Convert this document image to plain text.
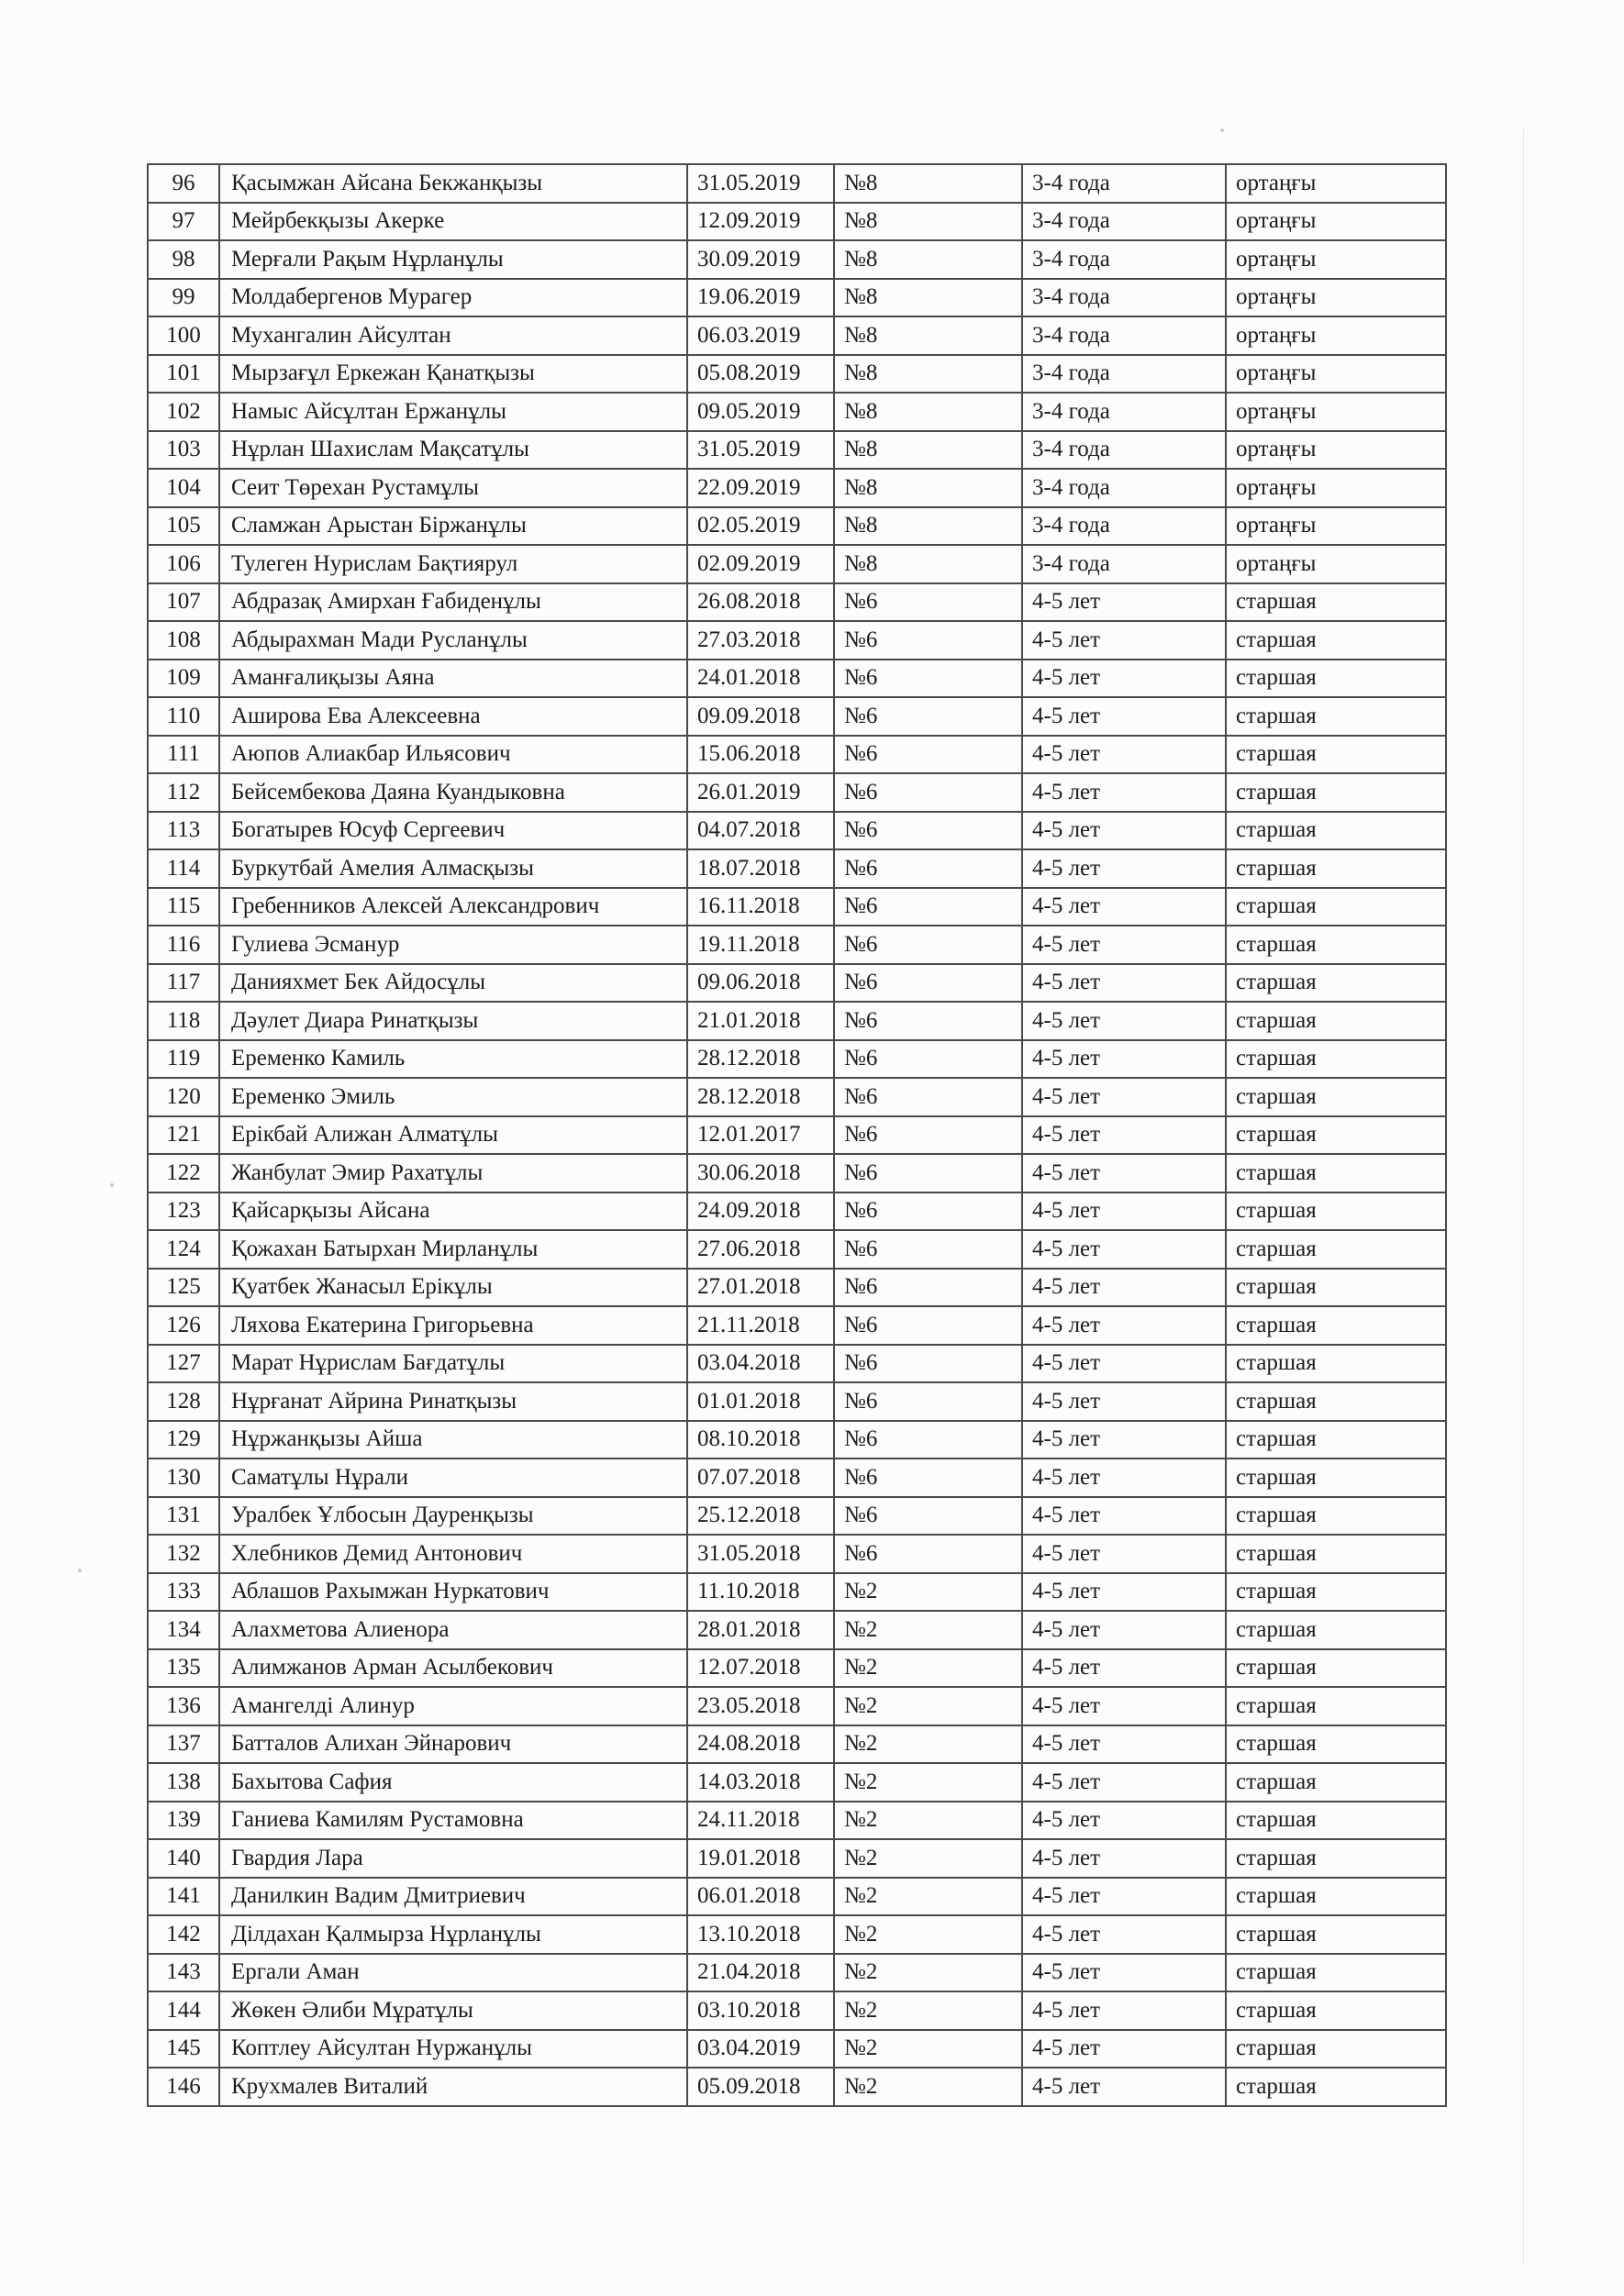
96	Қасымжан Айсана Бекжанқызы	31.05.2019	№8	3-4 года	ортаңғы
97	Мейрбекқызы Акерке	12.09.2019	№8	3-4 года	ортаңғы
98	Мерғали Рақым Нұрланұлы	30.09.2019	№8	3-4 года	ортаңғы
99	Молдабергенов Мурагер	19.06.2019	№8	3-4 года	ортаңғы
100	Мухангалин Айсултан	06.03.2019	№8	3-4 года	ортаңғы
101	Мырзағұл Еркежан Қанатқызы	05.08.2019	№8	3-4 года	ортаңғы
102	Намыс Айсұлтан Ержанұлы	09.05.2019	№8	3-4 года	ортаңғы
103	Нұрлан Шахислам Мақсатұлы	31.05.2019	№8	3-4 года	ортаңғы
104	Сеит Төрехан Рустамұлы	22.09.2019	№8	3-4 года	ортаңғы
105	Сламжан Арыстан Біржанұлы	02.05.2019	№8	3-4 года	ортаңғы
106	Тулеген Нурислам Бақтиярул	02.09.2019	№8	3-4 года	ортаңғы
107	Абдразақ Амирхан Ғабиденұлы	26.08.2018	№6	4-5 лет	старшая
108	Абдырахман Мади Русланұлы	27.03.2018	№6	4-5 лет	старшая
109	Аманғалиқызы Аяна	24.01.2018	№6	4-5 лет	старшая
110	Аширова Ева Алексеевна	09.09.2018	№6	4-5 лет	старшая
111	Аюпов Алиакбар Ильясович	15.06.2018	№6	4-5 лет	старшая
112	Бейсембекова Даяна Куандыковна	26.01.2019	№6	4-5 лет	старшая
113	Богатырев Юсуф Сергеевич	04.07.2018	№6	4-5 лет	старшая
114	Буркутбай Амелия Алмасқызы	18.07.2018	№6	4-5 лет	старшая
115	Гребенников Алексей Александрович	16.11.2018	№6	4-5 лет	старшая
116	Гулиева Эсманур	19.11.2018	№6	4-5 лет	старшая
117	Данияхмет Бек Айдосұлы	09.06.2018	№6	4-5 лет	старшая
118	Дәулет Диара Ринатқызы	21.01.2018	№6	4-5 лет	старшая
119	Еременко Камиль	28.12.2018	№6	4-5 лет	старшая
120	Еременко Эмиль	28.12.2018	№6	4-5 лет	старшая
121	Ерікбай Алижан Алматұлы	12.01.2017	№6	4-5 лет	старшая
122	Жанбулат Эмир Рахатұлы	30.06.2018	№6	4-5 лет	старшая
123	Қайсарқызы Айсана	24.09.2018	№6	4-5 лет	старшая
124	Қожахан Батырхан Мирланұлы	27.06.2018	№6	4-5 лет	старшая
125	Қуатбек Жанасыл Ерікұлы	27.01.2018	№6	4-5 лет	старшая
126	Ляхова Екатерина Григорьевна	21.11.2018	№6	4-5 лет	старшая
127	Марат Нұрислам Бағдатұлы	03.04.2018	№6	4-5 лет	старшая
128	Нұрғанат Айрина Ринатқызы	01.01.2018	№6	4-5 лет	старшая
129	Нұржанқызы Айша	08.10.2018	№6	4-5 лет	старшая
130	Саматұлы Нұрали	07.07.2018	№6	4-5 лет	старшая
131	Уралбек Ұлбосын Дауренқызы	25.12.2018	№6	4-5 лет	старшая
132	Хлебников Демид Антонович	31.05.2018	№6	4-5 лет	старшая
133	Аблашов Рахымжан Нуркатович	11.10.2018	№2	4-5 лет	старшая
134	Алахметова Алиенора	28.01.2018	№2	4-5 лет	старшая
135	Алимжанов Арман Асылбекович	12.07.2018	№2	4-5 лет	старшая
136	Амангелді Алинур	23.05.2018	№2	4-5 лет	старшая
137	Батталов Алихан Эйнарович	24.08.2018	№2	4-5 лет	старшая
138	Бахытова Сафия	14.03.2018	№2	4-5 лет	старшая
139	Ганиева Камилям Рустамовна	24.11.2018	№2	4-5 лет	старшая
140	Гвардия Лара	19.01.2018	№2	4-5 лет	старшая
141	Данилкин Вадим Дмитриевич	06.01.2018	№2	4-5 лет	старшая
142	Ділдахан Қалмырза Нұрланұлы	13.10.2018	№2	4-5 лет	старшая
143	Ергали Аман	21.04.2018	№2	4-5 лет	старшая
144	Жөкен Әлиби Мұратұлы	03.10.2018	№2	4-5 лет	старшая
145	Коптлеу Айсултан Нуржанұлы	03.04.2019	№2	4-5 лет	старшая
146	Крухмалев Виталий	05.09.2018	№2	4-5 лет	старшая
